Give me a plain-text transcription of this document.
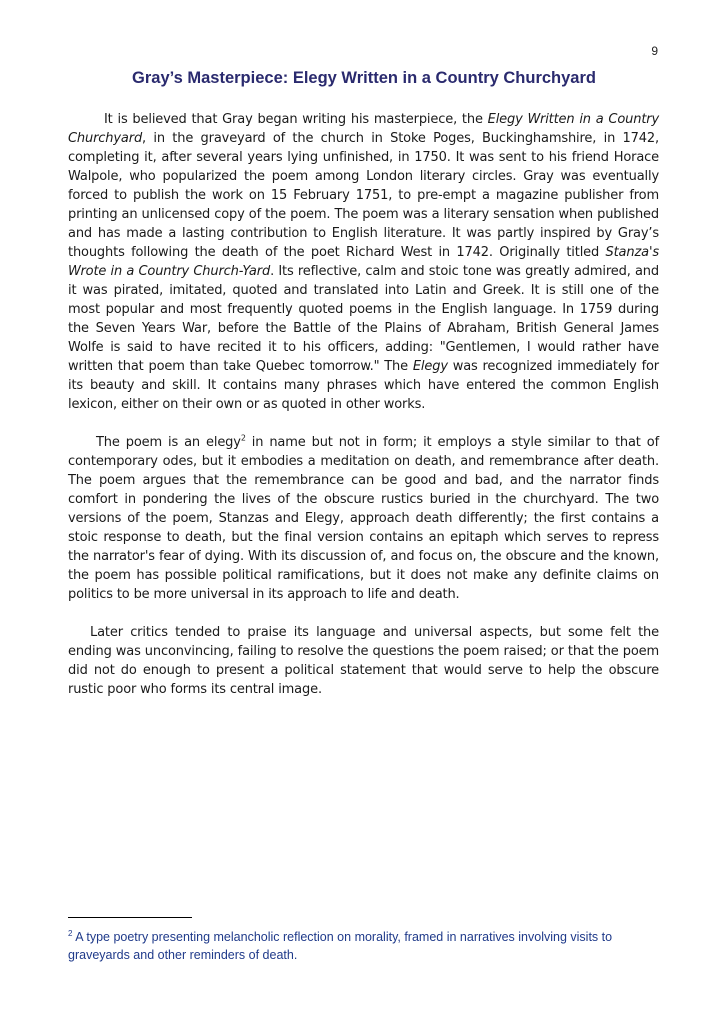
9
Gray’s Masterpiece: Elegy Written in a Country Churchyard

It is believed that Gray began writing his masterpiece, the Elegy Written in a Country Churchyard, in the graveyard of the church in Stoke Poges, Buckinghamshire, in 1742, completing it, after several years lying unfinished, in 1750. It was sent to his friend Horace Walpole, who popularized the poem among London literary circles. Gray was eventually forced to publish the work on 15 February 1751, to pre-empt a magazine publisher from printing an unlicensed copy of the poem. The poem was a literary sensation when published and has made a lasting contribution to English literature. It was partly inspired by Gray’s thoughts following the death of the poet Richard West in 1742. Originally titled Stanza's Wrote in a Country Church-Yard. Its reflective, calm and stoic tone was greatly admired, and it was pirated, imitated, quoted and translated into Latin and Greek. It is still one of the most popular and most frequently quoted poems in the English language. In 1759 during the Seven Years War, before the Battle of the Plains of Abraham, British General James Wolfe is said to have recited it to his officers, adding: "Gentlemen, I would rather have written that poem than take Quebec tomorrow." The Elegy was recognized immediately for its beauty and skill. It contains many phrases which have entered the common English lexicon, either on their own or as quoted in other works.

The poem is an elegy$^2$ in name but not in form; it employs a style similar to that of contemporary odes, but it embodies a meditation on death, and remembrance after death. The poem argues that the remembrance can be good and bad, and the narrator finds comfort in pondering the lives of the obscure rustics buried in the churchyard. The two versions of the poem, Stanzas and Elegy, approach death differently; the first contains a stoic response to death, but the final version contains an epitaph which serves to repress the narrator's fear of dying. With its discussion of, and focus on, the obscure and the known, the poem has possible political ramifications, but it does not make any definite claims on politics to be more universal in its approach to life and death.

Later critics tended to praise its language and universal aspects, but some felt the ending was unconvincing, failing to resolve the questions the poem raised; or that the poem did not do enough to present a political statement that would serve to help the obscure rustic poor who forms its central image.

$^2$ A type poetry presenting melancholic reflection on morality, framed in narratives involving visits to graveyards and other reminders of death.
